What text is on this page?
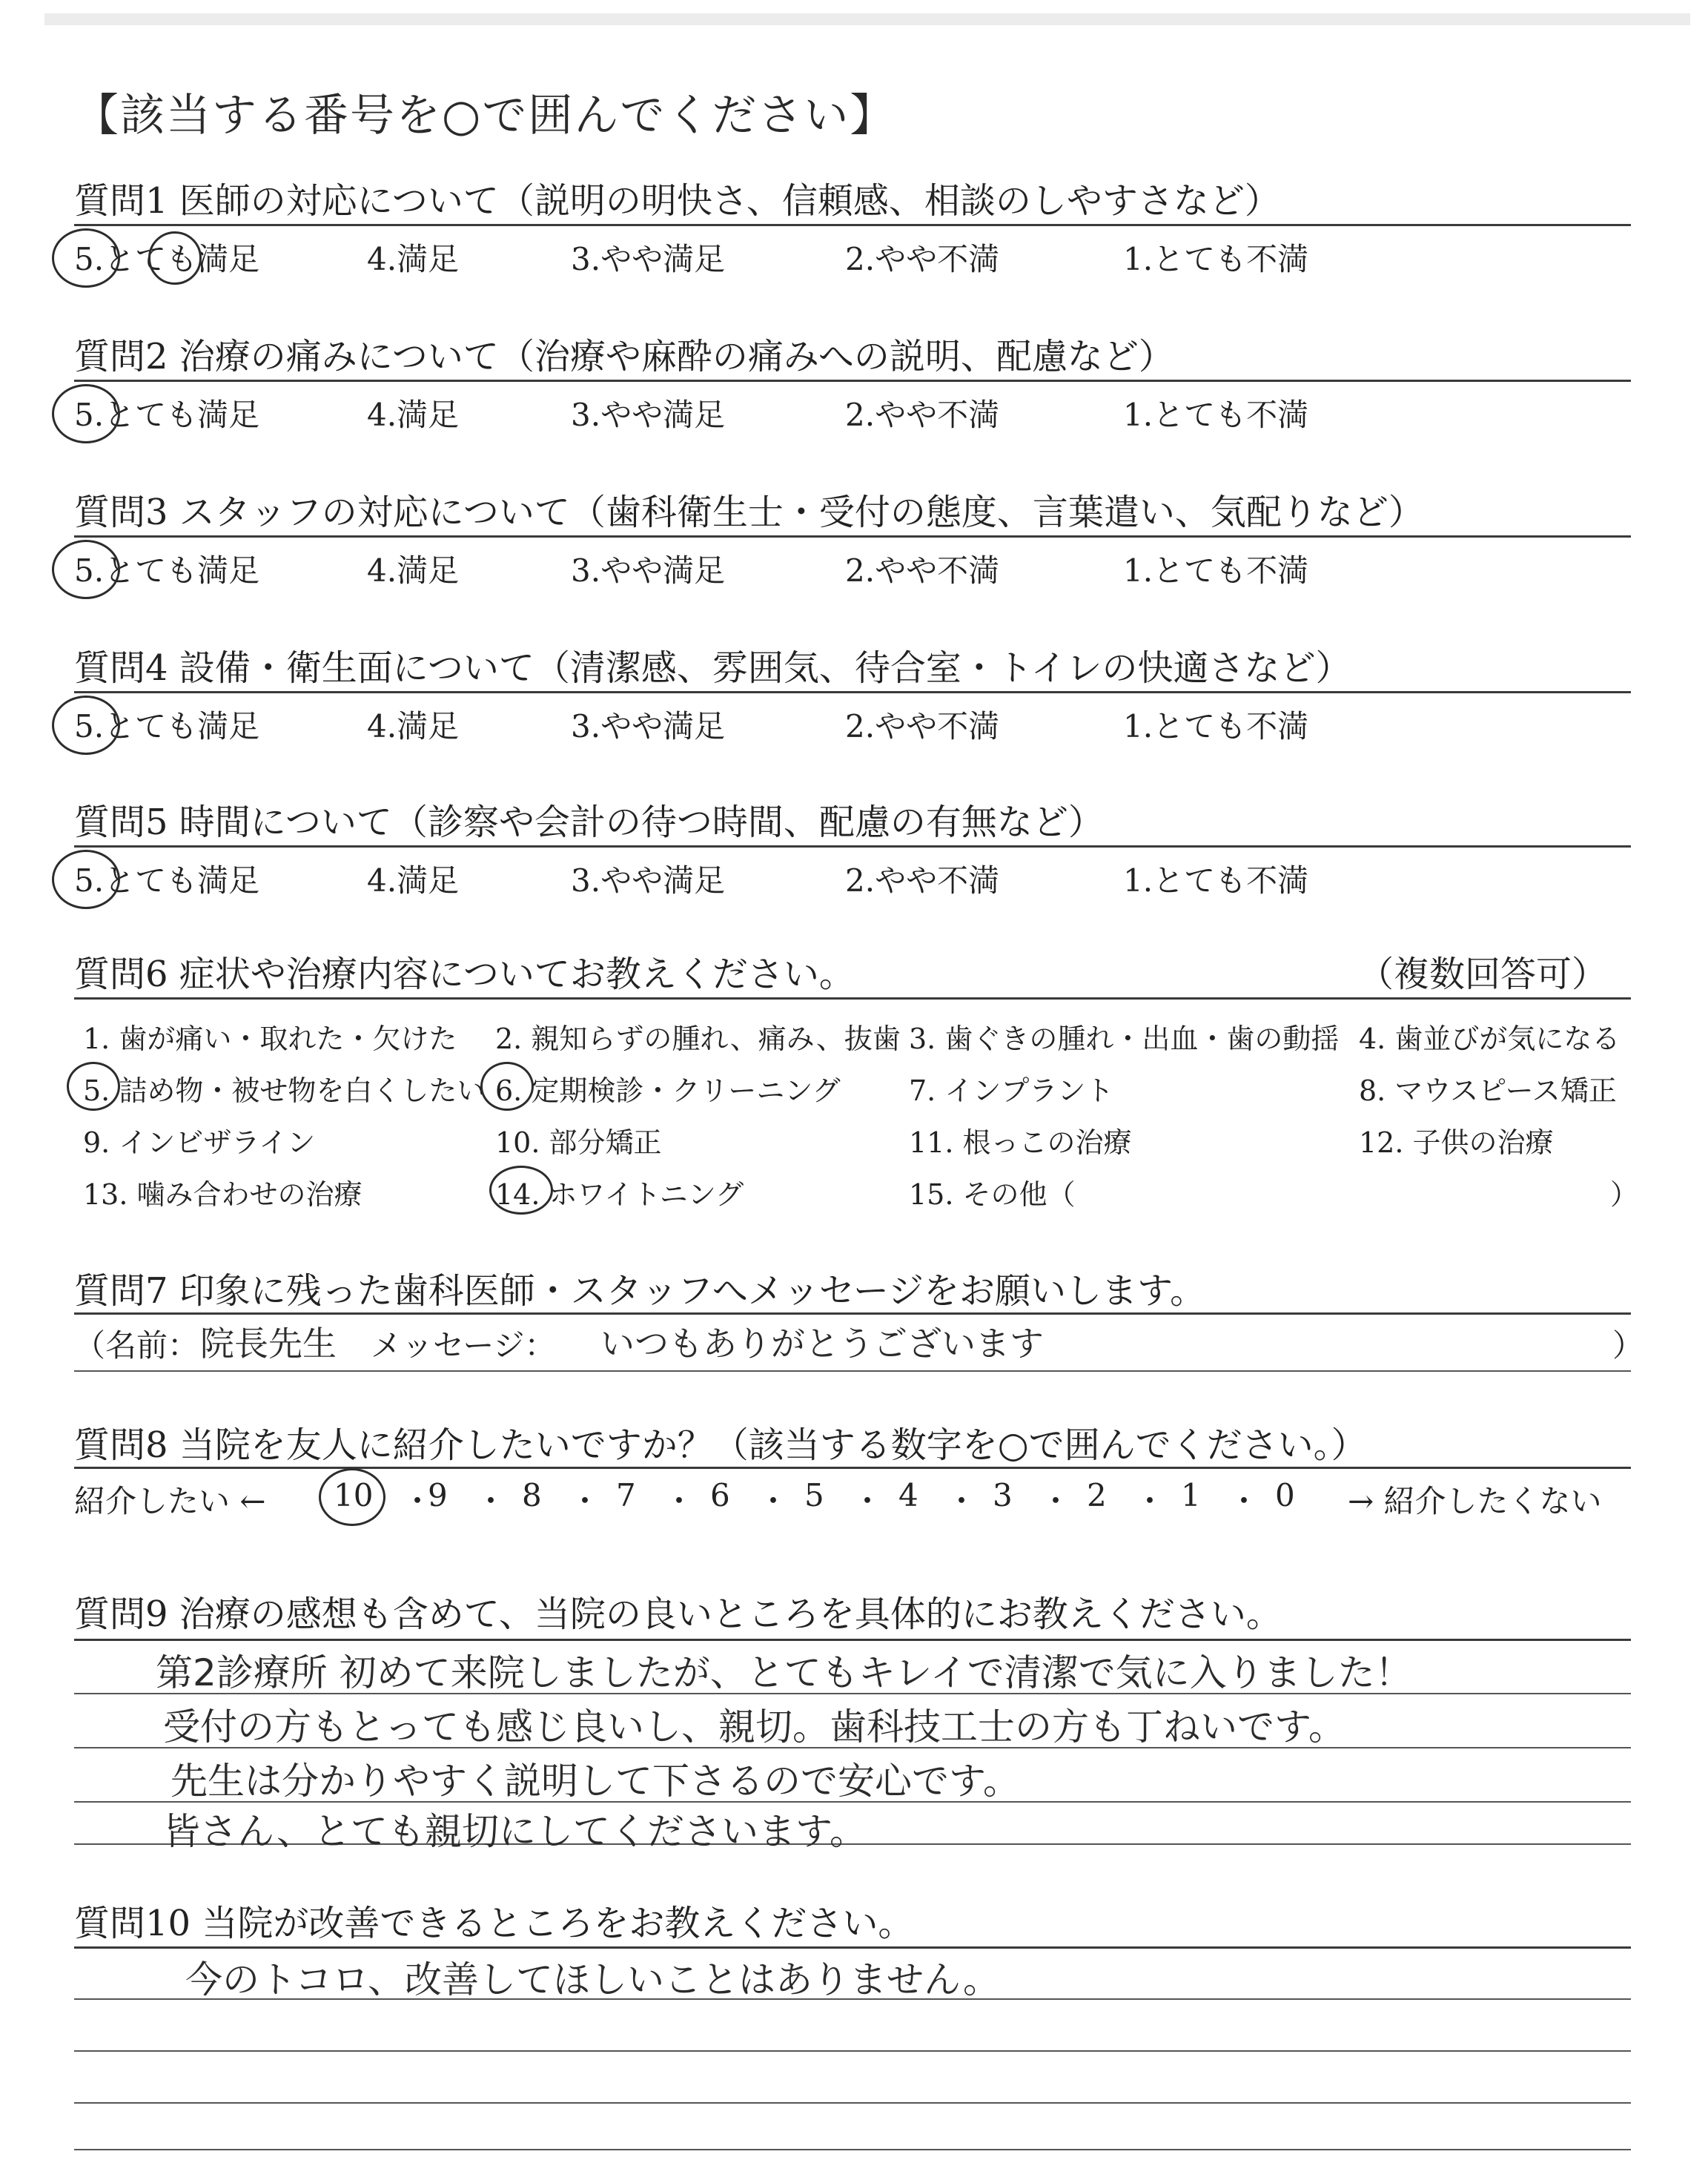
【該当する番号を○で囲んでください】
質問1 医師の対応について（説明の明快さ、信頼感、相談のしやすさなど）
5.とても満足	4.満足	3.やや満足	2.やや不満	1.とても不満
質問2 治療の痛みについて（治療や麻酔の痛みへの説明、配慮など）
5.とても満足	4.満足	3.やや満足	2.やや不満	1.とても不満
質問3 スタッフの対応について（歯科衛生士・受付の態度、言葉遣い、気配りなど）
5.とても満足	4.満足	3.やや満足	2.やや不満	1.とても不満
質問4 設備・衛生面について（清潔感、雰囲気、待合室・トイレの快適さなど）
5.とても満足	4.満足	3.やや満足	2.やや不満	1.とても不満
質問5 時間について（診察や会計の待つ時間、配慮の有無など）
5.とても満足	4.満足	3.やや満足	2.やや不満	1.とても不満
質問6 症状や治療内容についてお教えください。	（複数回答可）
1. 歯が痛い・取れた・欠けた 2. 親知らずの腫れ、痛み、抜歯 3. 歯ぐきの腫れ・出血・歯の動揺 4. 歯並びが気になる
5. 詰め物・被せ物を白くしたい 6. 定期検診・クリーニング 7. インプラント	8. マウスピース矯正
9. インビザライン	10. 部分矯正	11. 根っこの治療	12. 子供の治療
13. 噛み合わせの治療	14. ホワイトニング	15. その他（	）
質問7 印象に残った歯科医師・スタッフへメッセージをお願いします。
（名前： 院長先生 メッセージ： いつもありがとうございます	）
質問8 当院を友人に紹介したいですか？（該当する数字を○で囲んでください。）
紹介したい ← 10 ・
9 ・ 8 ・ 7 ・ 6 ・ 5 ・ 4 ・ 3 ・ 2 ・ 1 ・ 0 → 紹介したくない
質問9 治療の感想も含めて、当院の良いところを具体的にお教えください。
第2診療所 初めて来院しましたが、とてもキレイで清潔で気に入りました！
受付の方もとっても感じ良いし、親切。歯科技工士の方も丁ねいです。
先生は分かりやすく説明して下さるので安心です。
皆さん、とても親切にしてくださいます。
質問10 当院が改善できるところをお教えください。
今のトコロ、改善してほしいことはありません。
